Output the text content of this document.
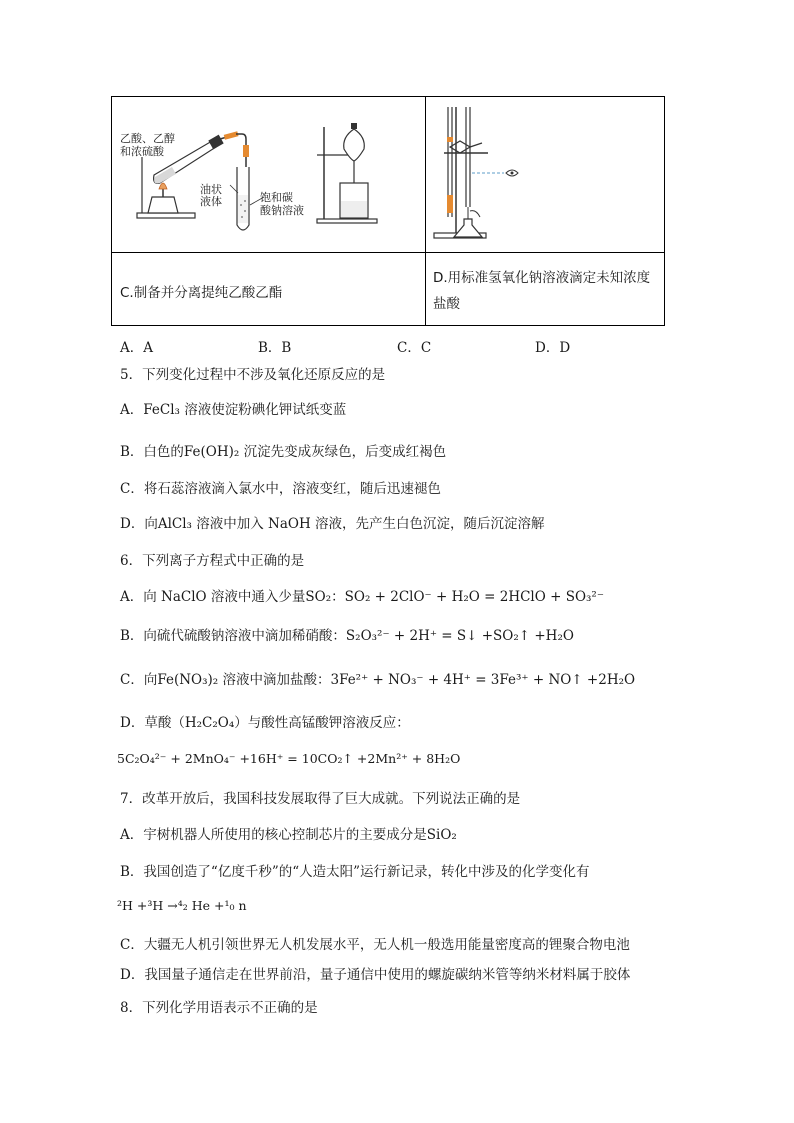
乙酸、乙醇
和浓硫酸
油状
液体	饱和碳
酸钠溶液
C.制备并分离提纯乙酸乙酯
D.用标准氢氧化钠溶液滴定未知浓度
盐酸
A．A	B．B	C．C	D．D
5．下列变化过程中不涉及氧化还原反应的是
A．FeCl₃ 溶液使淀粉碘化钾试纸变蓝
B．白色的Fe(OH)₂ 沉淀先变成灰绿色，后变成红褐色
C．将石蕊溶液滴入氯水中，溶液变红，随后迅速褪色
D．向AlCl₃ 溶液中加入 NaOH 溶液，先产生白色沉淀，随后沉淀溶解
6．下列离子方程式中正确的是
A．向 NaClO 溶液中通入少量SO₂：SO₂ + 2ClO⁻ + H₂O = 2HClO + SO₃²⁻
B．向硫代硫酸钠溶液中滴加稀硝酸：S₂O₃²⁻ + 2H⁺ = S↓ +SO₂↑ +H₂O
C．向Fe(NO₃)₂ 溶液中滴加盐酸：3Fe²⁺ + NO₃⁻ + 4H⁺ = 3Fe³⁺ + NO↑ +2H₂O
D．草酸（H₂C₂O₄）与酸性高锰酸钾溶液反应：
5C₂O₄²⁻ + 2MnO₄⁻ +16H⁺ = 10CO₂↑ +2Mn²⁺ + 8H₂O
7．改革开放后，我国科技发展取得了巨大成就。下列说法正确的是
A．宇树机器人所使用的核心控制芯片的主要成分是SiO₂
B．我国创造了“亿度千秒”的“人造太阳”运行新记录，转化中涉及的化学变化有
²H +³H →⁴₂ He +¹₀ n
C．大疆无人机引领世界无人机发展水平，无人机一般选用能量密度高的锂聚合物电池
D．我国量子通信走在世界前沿，量子通信中使用的螺旋碳纳米管等纳米材料属于胶体
8．下列化学用语表示不正确的是
